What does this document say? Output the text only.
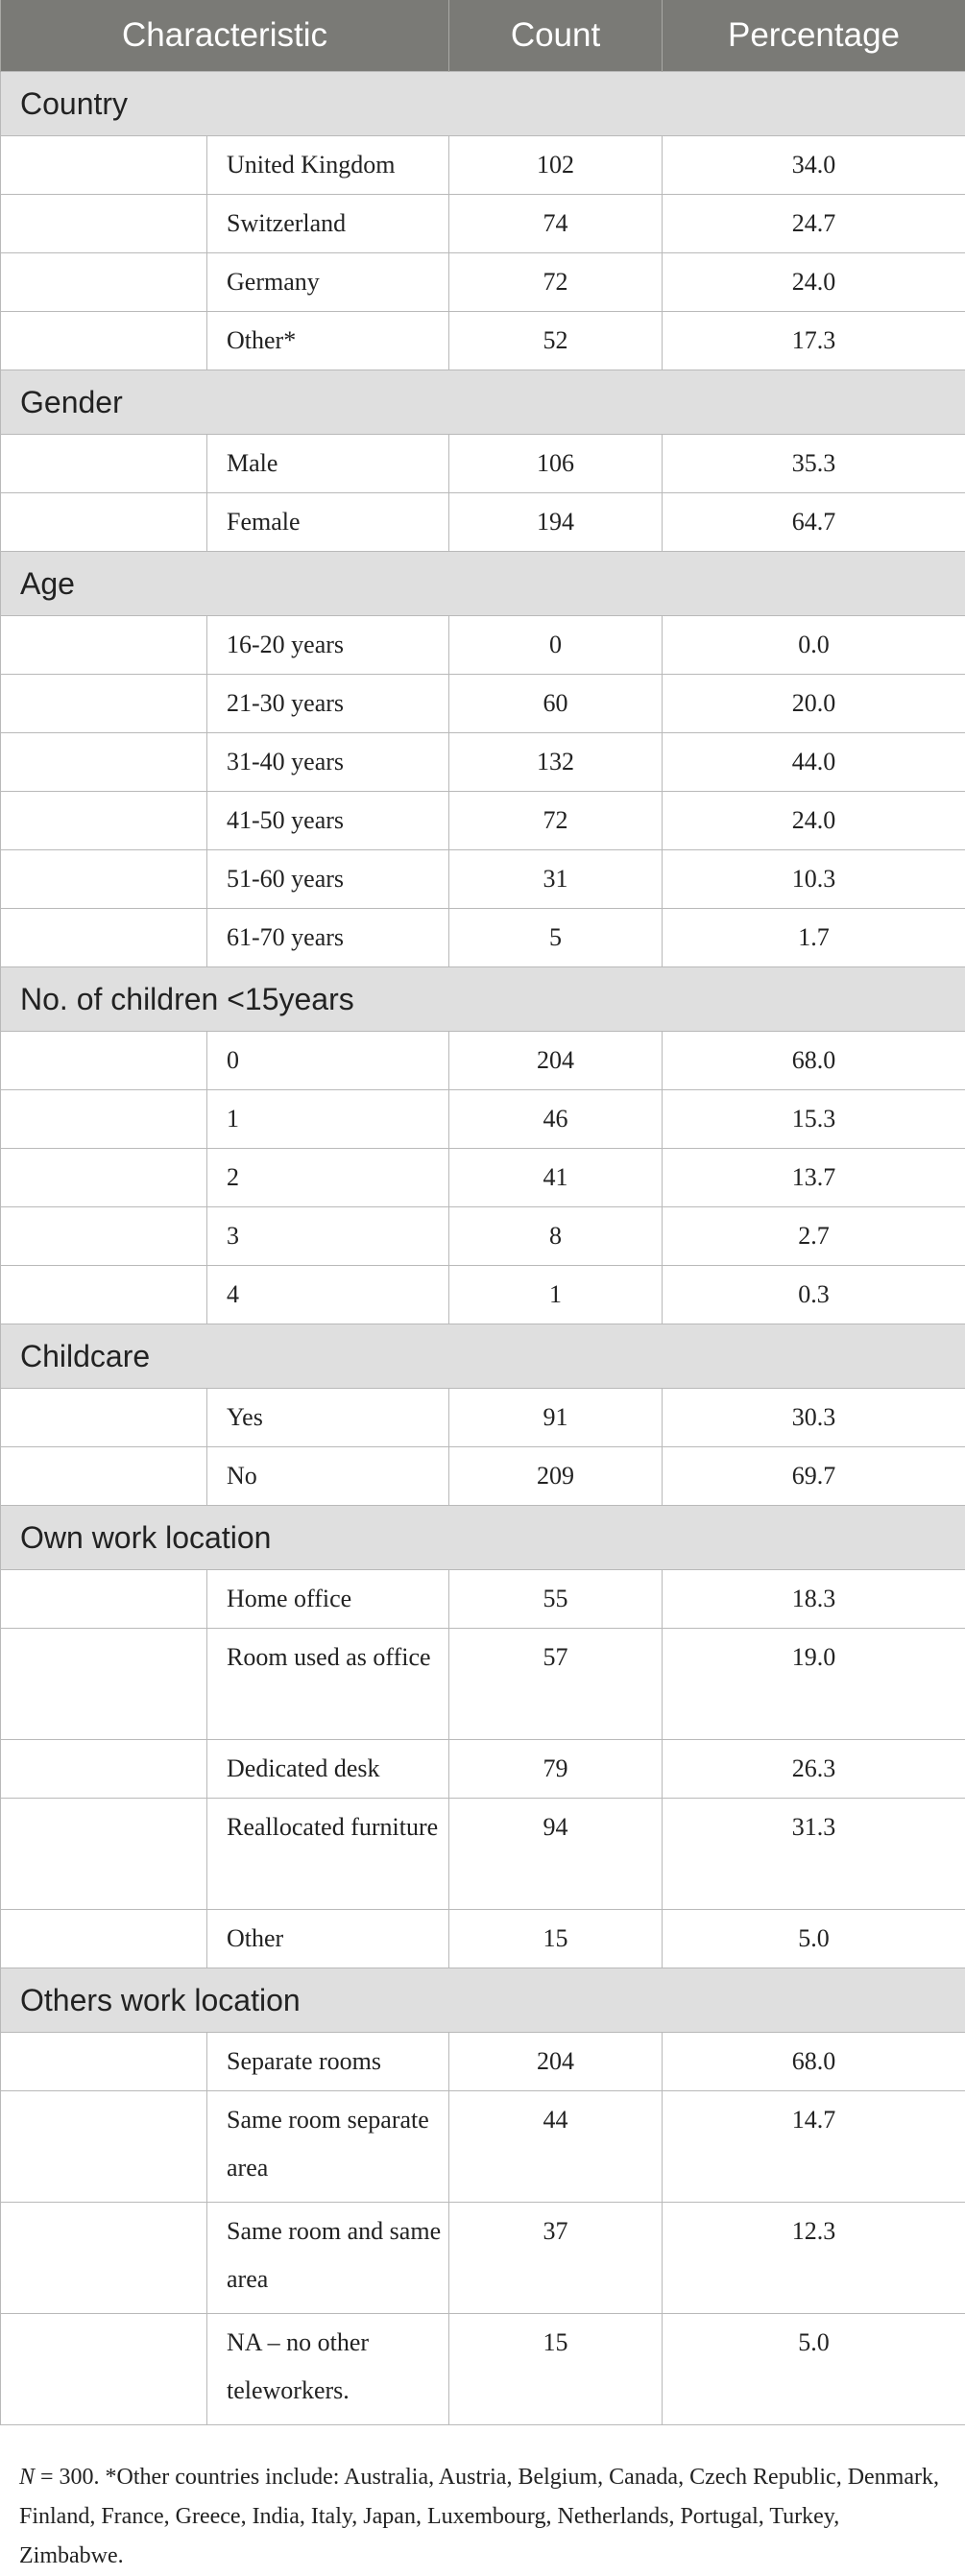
Characteristic		Count	Percentage
Country			
	United Kingdom	102	34.0
	Switzerland	74	24.7
	Germany	72	24.0
	Other*	52	17.3
Gender			
	Male	106	35.3
	Female	194	64.7
Age			
	16-20 years	0	0.0
	21-30 years	60	20.0
	31-40 years	132	44.0
	41-50 years	72	24.0
	51-60 years	31	10.3
	61-70 years	5	1.7
No. of children <15years			
	0	204	68.0
	1	46	15.3
	2	41	13.7
	3	8	2.7
	4	1	0.3
Childcare			
	Yes	91	30.3
	No	209	69.7
Own work location			
	Home office	55	18.3
	Room used as office	57	19.0
	Dedicated desk	79	26.3
	Reallocated furniture	94	31.3
	Other	15	5.0
Others work location			
	Separate rooms	204	68.0
	Same room separate area	44	14.7
	Same room and same area	37	12.3
	NA – no other teleworkers.	15	5.0

N = 300. *Other countries include: Australia, Austria, Belgium, Canada, Czech Republic, Denmark, Finland, France, Greece, India, Italy, Japan, Luxembourg, Netherlands, Portugal, Turkey, Zimbabwe.
